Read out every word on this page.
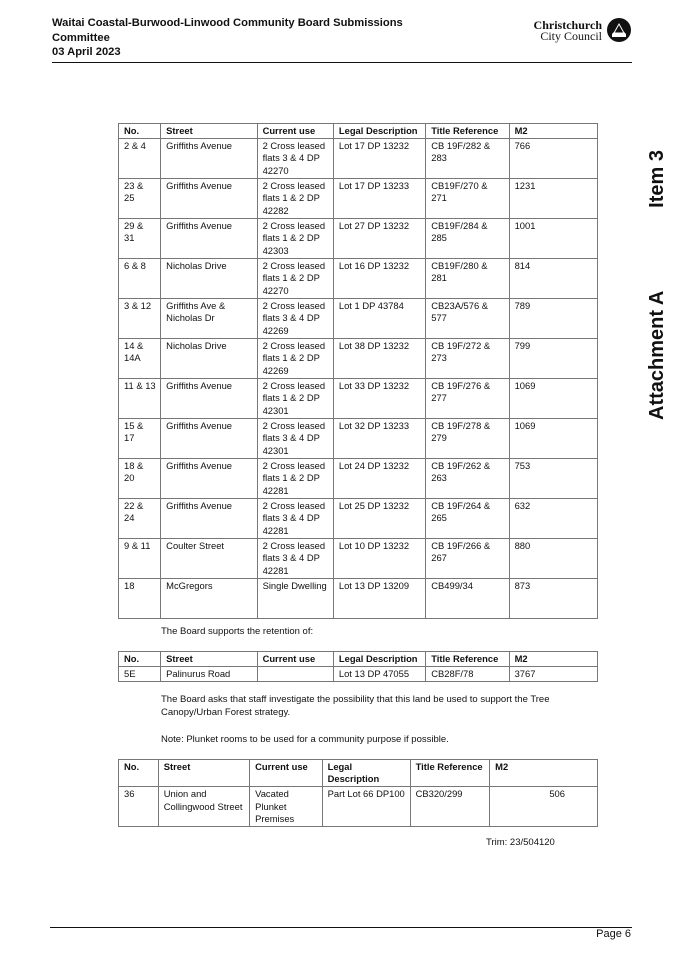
Waitai Coastal-Burwood-Linwood Community Board Submissions
Committee
03 April 2023
Christchurch
City Council
Attachment A
Item 3
No.	Street	Current use	Legal Description	Title Reference	M2
2 & 4	Griffiths Avenue	2 Cross leased flats 3 & 4 DP 42270	Lot 17 DP 13232	CB 19F/282 & 283	766
23 & 25	Griffiths Avenue	2 Cross leased flats 1 & 2 DP 42282	Lot 17 DP 13233	CB19F/270 & 271	1231
29 & 31	Griffiths Avenue	2 Cross leased flats 1 & 2 DP 42303	Lot 27 DP 13232	CB19F/284 & 285	1001
6 & 8	Nicholas Drive	2 Cross leased flats 1 & 2 DP 42270	Lot 16 DP 13232	CB19F/280 & 281	814
3 & 12	Griffiths Ave & Nicholas Dr	2 Cross leased flats 3 & 4 DP 42269	Lot 1 DP 43784	CB23A/576 & 577	789
14 & 14A	Nicholas Drive	2 Cross leased flats 1 & 2 DP 42269	Lot 38 DP 13232	CB 19F/272 & 273	799
11 & 13	Griffiths Avenue	2 Cross leased flats 1 & 2 DP 42301	Lot 33 DP 13232	CB 19F/276 & 277	1069
15 & 17	Griffiths Avenue	2 Cross leased flats 3 & 4 DP 42301	Lot 32 DP 13233	CB 19F/278 & 279	1069
18 & 20	Griffiths Avenue	2 Cross leased flats 1 & 2 DP 42281	Lot 24 DP 13232	CB 19F/262 & 263	753
22 & 24	Griffiths Avenue	2 Cross leased flats 3 & 4 DP 42281	Lot 25 DP 13232	CB 19F/264 & 265	632
9 & 11	Coulter Street	2 Cross leased flats 3 & 4 DP 42281	Lot 10 DP 13232	CB 19F/266 & 267	880
18	McGregors	Single Dwelling	Lot 13 DP 13209	CB499/34	873
The Board supports the retention of:
No.	Street	Current use	Legal Description	Title Reference	M2
5E	Palinurus Road		Lot 13 DP 47055	CB28F/78	3767
The Board asks that staff investigate the possibility that this land be used to support the Tree Canopy/Urban Forest strategy.
Note: Plunket rooms to be used for a community purpose if possible.
No.	Street	Current use	Legal Description	Title Reference	M2
36	Union and Collingwood Street	Vacated Plunket Premises	Part Lot 66 DP100	CB320/299	506
Trim: 23/504120
Page 6
